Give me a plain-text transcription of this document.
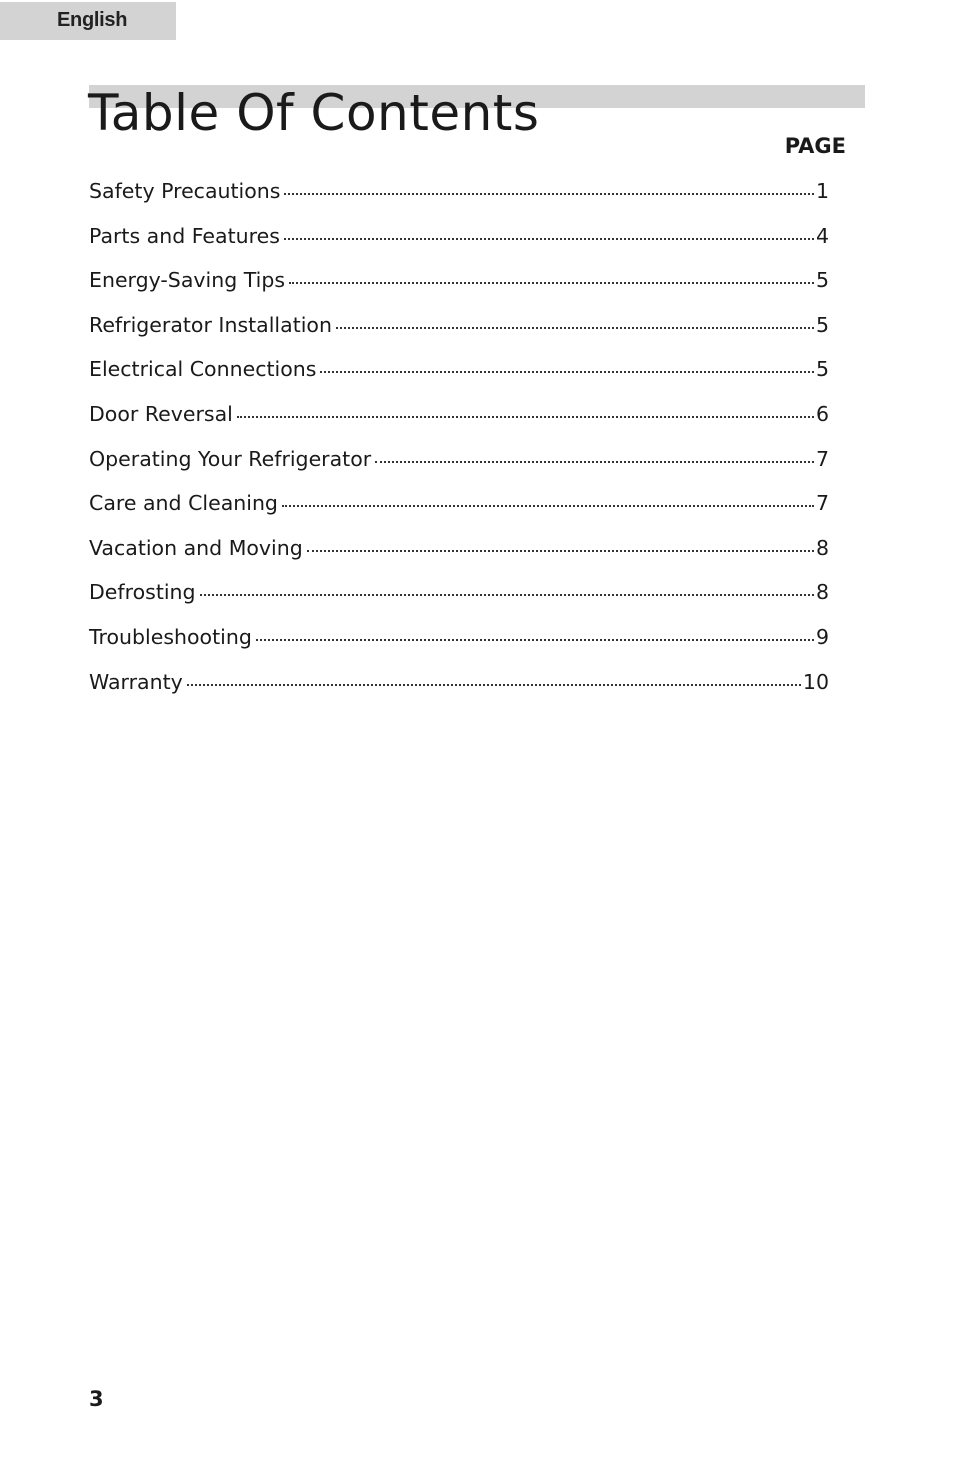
English
Table Of Contents
PAGE
Safety Precautions	1
Parts and Features	4
Energy-Saving Tips	5
Refrigerator Installation	5
Electrical Connections	5
Door Reversal	6
Operating Your Refrigerator	7
Care and Cleaning	7
Vacation and Moving	8
Defrosting	8
Troubleshooting	9
Warranty	10
3
